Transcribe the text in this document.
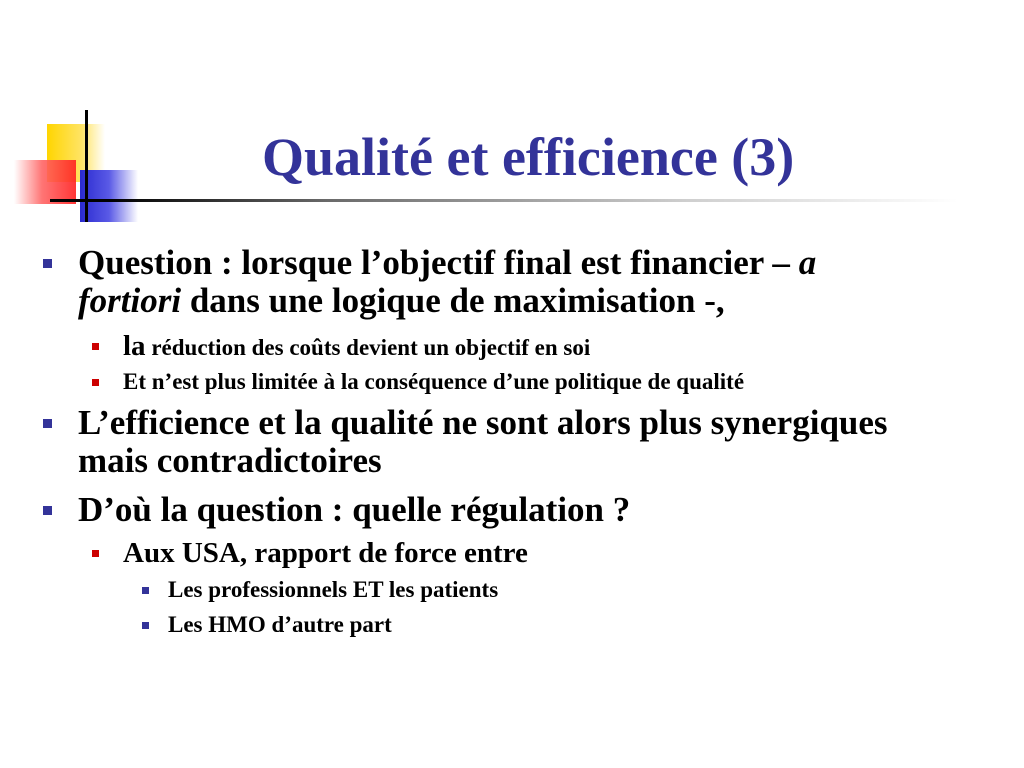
Qualité et efficience (3)
Question : lorsque l’objectif final est financier – a
fortiori dans une logique de maximisation -,
la réduction des coûts devient un objectif en soi
Et n’est plus limitée à la conséquence d’une politique de qualité
L’efficience et la qualité ne sont alors plus synergiques
mais contradictoires
D’où la question : quelle régulation ?
Aux USA, rapport de force entre
Les professionnels ET les patients
Les HMO d’autre part
